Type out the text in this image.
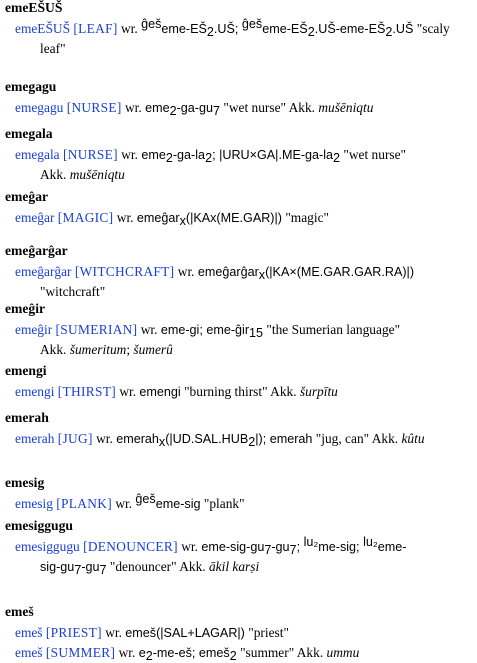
emeEŠUŠ
emeEŠUŠ [LEAF] wr. $^{ĝeš}eme-EŠ_2.UŠ$; $^{ĝeš}eme-EŠ_2.UŠ-eme-EŠ_2.UŠ$ "scaly
leaf"
emegagu
emegagu [NURSE] wr. $eme_2-ga-gu_7$ "wet nurse" Akk. mušēniqtu
emegala
emegala [NURSE] wr. $eme_2-ga-la_2$; $|URU\times GA|.ME-ga-la_2$ "wet nurse"
Akk. mušēniqtu
emeĝar
emeĝar [MAGIC] wr. emeĝar$_x$(|KAx(ME.GAR)|) "magic"
emeĝarĝar
emeĝarĝar [WITCHCRAFT] wr. emeĝarĝar$_x$(|KA×(ME.GAR.GAR.RA)|)
"witchcraft"
emeĝir
emeĝir [SUMERIAN] wr. eme-gi; eme-ĝir$_{15}$ "the Sumerian language"
Akk. šumeritum; šumerû
emengi
emengi [THIRST] wr. emengi "burning thirst" Akk. šurpītu
emerah
emerah [JUG] wr. $emerah_x(|UD.SAL.HUB_2|)$; emerah "jug, can" Akk. kûtu
emesig
emesig [PLANK] wr. $^{ĝeš}$eme-sig "plank"
emesiggugu
emesiggugu [DENOUNCER] wr. eme-$sig-gu_7-gu_7$; $^{lu_2}$me-sig; $^{lu_2}$eme-
sig-$gu_7-gu_7$ "denouncer" Akk. ākil karṣi
emeš
emeš [PRIEST] wr. emeš(|SAL+LAGAR|) "priest"
emeš [SUMMER] wr. $e_2-me-eš$; emeš$_2$ "summer" Akk. ummu
